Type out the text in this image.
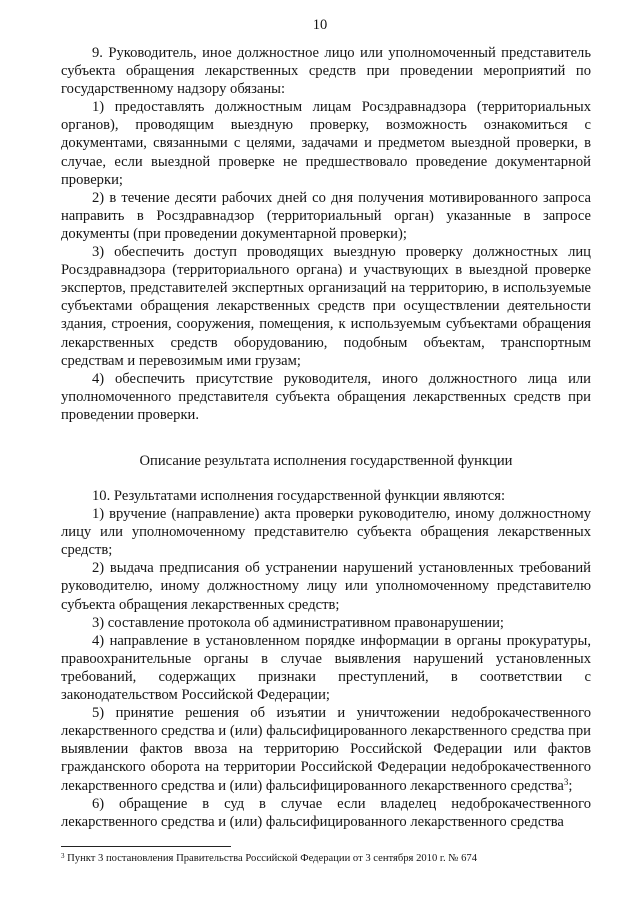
10

9. Руководитель, иное должностное лицо или уполномоченный представитель субъекта обращения лекарственных средств при проведении мероприятий по государственному надзору обязаны:

1) предоставлять должностным лицам Росздравнадзора (территориальных органов), проводящим выездную проверку, возможность ознакомиться с документами, связанными с целями, задачами и предметом выездной проверки, в случае, если выездной проверке не предшествовало проведение документарной проверки;

2) в течение десяти рабочих дней со дня получения мотивированного запроса направить в Росздравнадзор (территориальный орган) указанные в запросе документы (при проведении документарной проверки);

3) обеспечить доступ проводящих выездную проверку должностных лиц Росздравнадзора (территориального органа) и участвующих в выездной проверке экспертов, представителей экспертных организаций на территорию, в используемые субъектами обращения лекарственных средств при осуществлении деятельности здания, строения, сооружения, помещения, к используемым субъектами обращения лекарственных средств оборудованию, подобным объектам, транспортным средствам и перевозимым ими грузам;

4) обеспечить присутствие руководителя, иного должностного лица или уполномоченного представителя субъекта обращения лекарственных средств при проведении проверки.

Описание результата исполнения государственной функции

10. Результатами исполнения государственной функции являются:

1) вручение (направление) акта проверки руководителю, иному должностному лицу или уполномоченному представителю субъекта обращения лекарственных средств;

2) выдача предписания об устранении нарушений установленных требований руководителю, иному должностному лицу или уполномоченному представителю субъекта обращения лекарственных средств;

3) составление протокола об административном правонарушении;

4) направление в установленном порядке информации в органы прокуратуры, правоохранительные органы в случае выявления нарушений установленных требований, содержащих признаки преступлений, в соответствии с законодательством Российской Федерации;

5) принятие решения об изъятии и уничтожении недоброкачественного лекарственного средства и (или) фальсифицированного лекарственного средства при выявлении фактов ввоза на территорию Российской Федерации или фактов гражданского оборота на территории Российской Федерации недоброкачественного лекарственного средства и (или) фальсифицированного лекарственного средства$^3$;

6) обращение в суд в случае если владелец недоброкачественного лекарственного средства и (или) фальсифицированного лекарственного средства

$^3$ Пункт 3 постановления Правительства Российской Федерации от 3 сентября 2010 г. № 674
